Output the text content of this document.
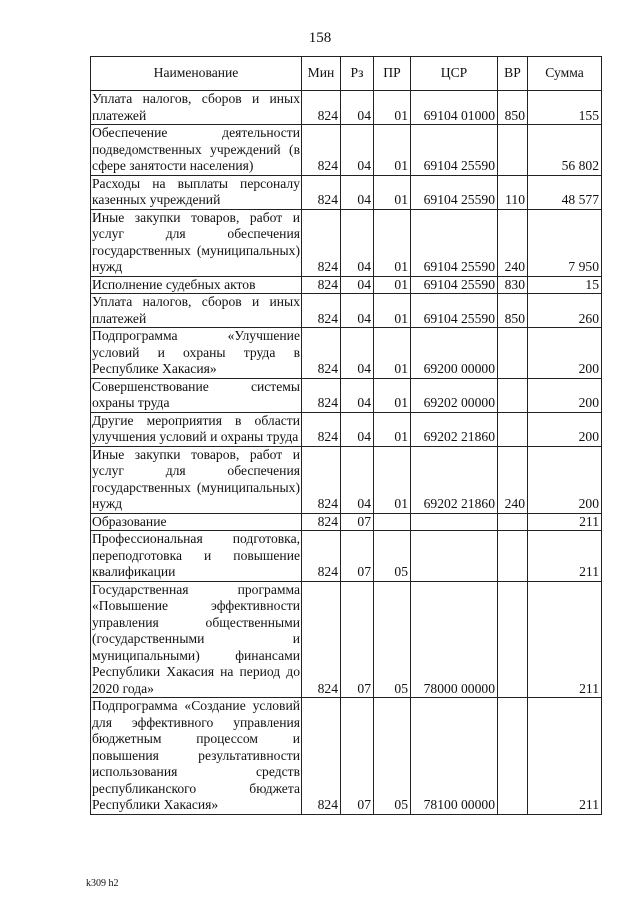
158
Наименование	Мин	Рз	ПР	ЦСР	ВР	Сумма
Уплата налогов, сборов и иных платежей	824	04	01	69104 01000	850	155
Обеспечение деятельности подведомственных учреждений (в сфере занятости населения)	824	04	01	69104 25590		56 802
Расходы на выплаты персоналу казенных учреждений	824	04	01	69104 25590	110	48 577
Иные закупки товаров, работ и услуг для обеспечения государственных (муниципальных) нужд	824	04	01	69104 25590	240	7 950
Исполнение судебных актов	824	04	01	69104 25590	830	15
Уплата налогов, сборов и иных платежей	824	04	01	69104 25590	850	260
Подпрограмма «Улучшение условий и охраны труда в Республике Хакасия»	824	04	01	69200 00000		200
Совершенствование системы охраны труда	824	04	01	69202 00000		200
Другие мероприятия в области улучшения условий и охраны труда	824	04	01	69202 21860		200
Иные закупки товаров, работ и услуг для обеспечения государственных (муниципальных) нужд	824	04	01	69202 21860	240	200
Образование	824	07				211
Профессиональная подготовка, переподготовка и повышение квалификации	824	07	05			211
Государственная программа «Повышение эффективности управления общественными (государственными и муниципальными) финансами Республики Хакасия на период до 2020 года»	824	07	05	78000 00000		211
Подпрограмма «Создание условий для эффективного управления бюджетным процессом и повышения результативности использования средств республиканского бюджета Республики Хакасия»	824	07	05	78100 00000		211
k309 h2
